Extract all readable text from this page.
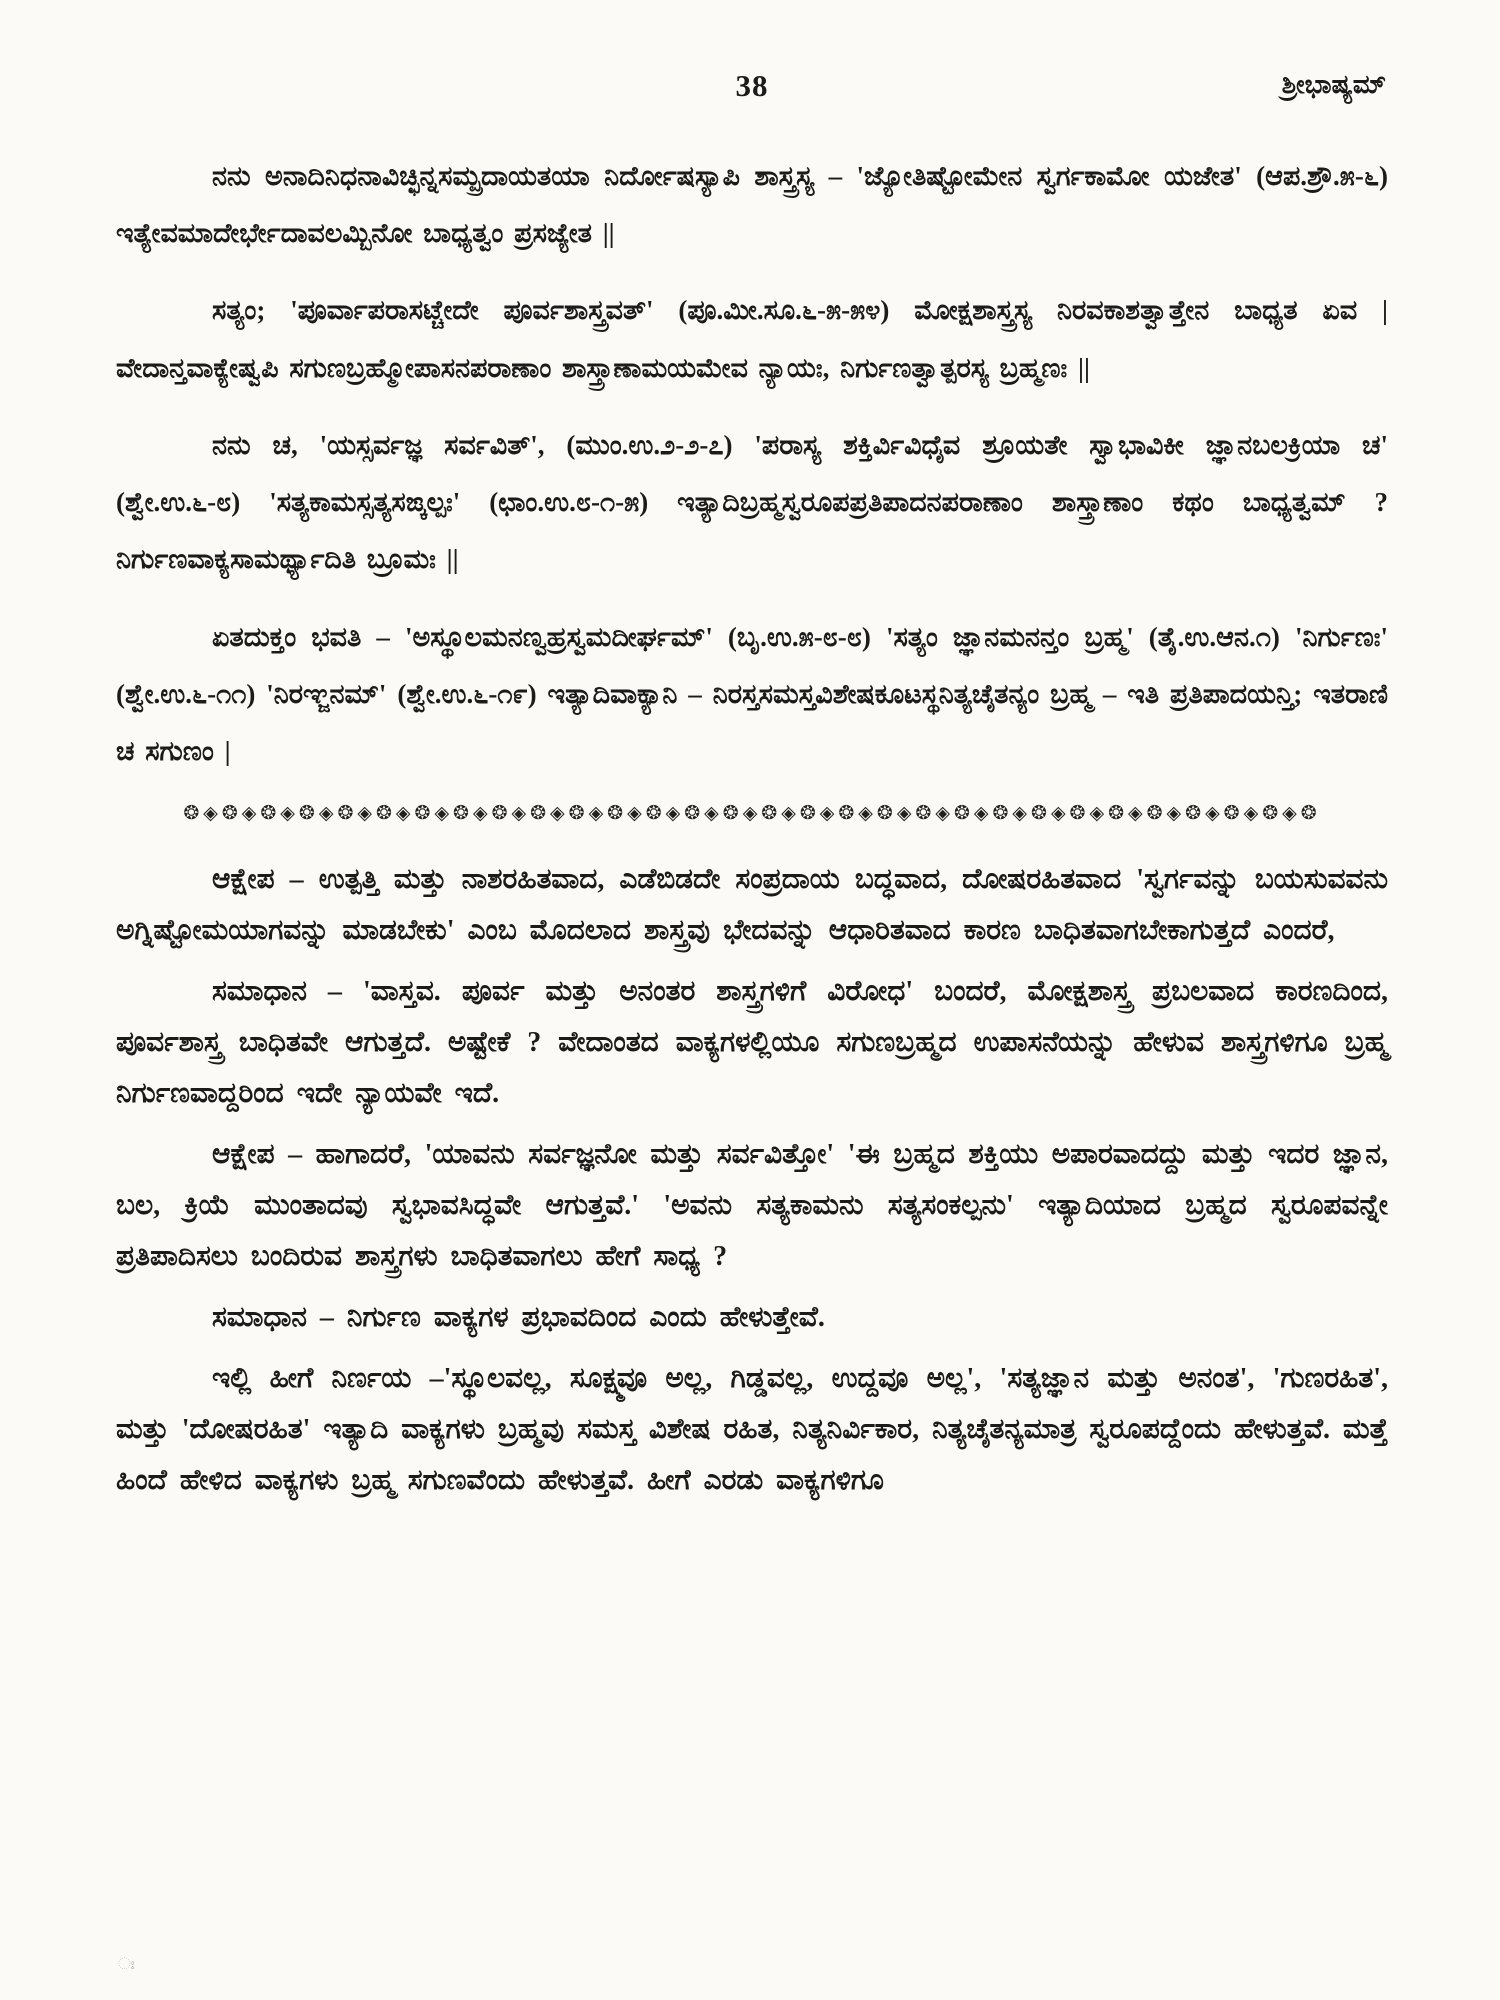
38	ಶ್ರೀಭಾಷ್ಯಮ್

ನನು ಅನಾದಿನಿಧನಾವಿಚ್ಛಿನ್ನಸಮ್ಪ್ರದಾಯತಯಾ ನಿರ್ದೋಷಸ್ಯಾಪಿ ಶಾಸ್ತ್ರಸ್ಯ – 'ಜ್ಯೋತಿಷ್ಟೋಮೇನ ಸ್ವರ್ಗಕಾಮೋ ಯಜೇತ' (ಆಪ.ಶ್ರೌ.೫-೬) ಇತ್ಯೇವಮಾದೇರ್ಭೇದಾವಲಮ್ಬಿನೋ ಬಾಧ್ಯತ್ವಂ ಪ್ರಸಜ್ಯೇತ ||

ಸತ್ಯಂ; 'ಪೂರ್ವಾಪರಾಸಟ್ಚೇದೇ ಪೂರ್ವಶಾಸ್ತ್ರವತ್' (ಪೂ.ಮೀ.ಸೂ.೬-೫-೫೪) ಮೋಕ್ಷಶಾಸ್ತ್ರಸ್ಯ ನಿರವಕಾಶತ್ವಾತ್ತೇನ ಬಾಧ್ಯತ ಏವ | ವೇದಾನ್ತವಾಕ್ಯೇಷ್ವಪಿ ಸಗುಣಬ್ರಹ್ಮೋಪಾಸನಪರಾಣಾಂ ಶಾಸ್ತ್ರಾಣಾಮಯಮೇವ ನ್ಯಾಯಃ, ನಿರ್ಗುಣತ್ವಾತ್ಪರಸ್ಯ ಬ್ರಹ್ಮಣಃ ||

ನನು ಚ, 'ಯಸ್ಸರ್ವಜ್ಞ ಸರ್ವವಿತ್', (ಮುಂ.ಉ.೨-೨-೭) 'ಪರಾಸ್ಯ ಶಕ್ತಿರ್ವಿವಿಧೈವ ಶ್ರೂಯತೇ ಸ್ವಾಭಾವಿಕೀ ಜ್ಞಾನಬಲಕ್ರಿಯಾ ಚ' (ಶ್ವೇ.ಉ.೬-೮) 'ಸತ್ಯಕಾಮಸ್ಸತ್ಯಸಙ್ಕಲ್ಪಃ' (ಛಾಂ.ಉ.೮-೧-೫) ಇತ್ಯಾದಿಬ್ರಹ್ಮಸ್ವರೂಪಪ್ರತಿಪಾದನಪರಾಣಾಂ ಶಾಸ್ತ್ರಾಣಾಂ ಕಥಂ ಬಾಧ್ಯತ್ವಮ್ ? ನಿರ್ಗುಣವಾಕ್ಯಸಾಮರ್ಥ್ಯಾದಿತಿ ಬ್ರೂಮಃ ||

ಏತದುಕ್ತಂ ಭವತಿ – 'ಅಸ್ಥೂಲಮನಣ್ವಹ್ರಸ್ವಮದೀರ್ಘಮ್' (ಬೃ.ಉ.೫-೮-೮) 'ಸತ್ಯಂ ಜ್ಞಾನಮನನ್ತಂ ಬ್ರಹ್ಮ' (ತೈ.ಉ.ಆನ.೧) 'ನಿರ್ಗುಣಃ' (ಶ್ವೇ.ಉ.೬-೧೧) 'ನಿರಞ್ಜನಮ್' (ಶ್ವೇ.ಉ.೬-೧೯) ಇತ್ಯಾದಿವಾಕ್ಯಾನಿ – ನಿರಸ್ತಸಮಸ್ತವಿಶೇಷಕೂಟಸ್ಥನಿತ್ಯಚೈತನ್ಯಂ ಬ್ರಹ್ಮ – ಇತಿ ಪ್ರತಿಪಾದಯನ್ತಿ; ಇತರಾಣಿ ಚ ಸಗುಣಂ |

❂◈❂◈❂◈❂◈❂◈❂◈❂◈❂◈❂◈❂◈❂◈❂◈❂◈❂◈❂◈❂◈❂◈❂◈❂◈❂◈❂◈❂◈❂◈❂◈❂◈❂◈❂◈❂◈❂◈❂

ಆಕ್ಷೇಪ – ಉತ್ಪತ್ತಿ ಮತ್ತು ನಾಶರಹಿತವಾದ, ಎಡೆಬಿಡದೇ ಸಂಪ್ರದಾಯ ಬದ್ಧವಾದ, ದೋಷರಹಿತವಾದ 'ಸ್ವರ್ಗವನ್ನು ಬಯಸುವವನು ಅಗ್ನಿಷ್ಟೋಮಯಾಗವನ್ನು ಮಾಡಬೇಕು' ಎಂಬ ಮೊದಲಾದ ಶಾಸ್ತ್ರವು ಭೇದವನ್ನು ಆಧಾರಿತವಾದ ಕಾರಣ ಬಾಧಿತವಾಗಬೇಕಾಗುತ್ತದೆ ಎಂದರೆ,

ಸಮಾಧಾನ – 'ವಾಸ್ತವ. ಪೂರ್ವ ಮತ್ತು ಅನಂತರ ಶಾಸ್ತ್ರಗಳಿಗೆ ವಿರೋಧ' ಬಂದರೆ, ಮೋಕ್ಷಶಾಸ್ತ್ರ ಪ್ರಬಲವಾದ ಕಾರಣದಿಂದ, ಪೂರ್ವಶಾಸ್ತ್ರ ಬಾಧಿತವೇ ಆಗುತ್ತದೆ. ಅಷ್ಟೇಕೆ ? ವೇದಾಂತದ ವಾಕ್ಯಗಳಲ್ಲಿಯೂ ಸಗುಣಬ್ರಹ್ಮದ ಉಪಾಸನೆಯನ್ನು ಹೇಳುವ ಶಾಸ್ತ್ರಗಳಿಗೂ ಬ್ರಹ್ಮ ನಿರ್ಗುಣವಾದ್ದರಿಂದ ಇದೇ ನ್ಯಾಯವೇ ಇದೆ.

ಆಕ್ಷೇಪ – ಹಾಗಾದರೆ, 'ಯಾವನು ಸರ್ವಜ್ಞನೋ ಮತ್ತು ಸರ್ವವಿತ್ತೋ' 'ಈ ಬ್ರಹ್ಮದ ಶಕ್ತಿಯು ಅಪಾರವಾದದ್ದು ಮತ್ತು ಇದರ ಜ್ಞಾನ, ಬಲ, ಕ್ರಿಯೆ ಮುಂತಾದವು ಸ್ವಭಾವಸಿದ್ಧವೇ ಆಗುತ್ತವೆ.' 'ಅವನು ಸತ್ಯಕಾಮನು ಸತ್ಯಸಂಕಲ್ಪನು' ಇತ್ಯಾದಿಯಾದ ಬ್ರಹ್ಮದ ಸ್ವರೂಪವನ್ನೇ ಪ್ರತಿಪಾದಿಸಲು ಬಂದಿರುವ ಶಾಸ್ತ್ರಗಳು ಬಾಧಿತವಾಗಲು ಹೇಗೆ ಸಾಧ್ಯ ?

ಸಮಾಧಾನ – ನಿರ್ಗುಣ ವಾಕ್ಯಗಳ ಪ್ರಭಾವದಿಂದ ಎಂದು ಹೇಳುತ್ತೇವೆ.

ಇಲ್ಲಿ ಹೀಗೆ ನಿರ್ಣಯ –'ಸ್ಥೂಲವಲ್ಲ, ಸೂಕ್ಷ್ಮವೂ ಅಲ್ಲ, ಗಿಡ್ಡವಲ್ಲ, ಉದ್ದವೂ ಅಲ್ಲ', 'ಸತ್ಯಜ್ಞಾನ ಮತ್ತು ಅನಂತ', 'ಗುಣರಹಿತ', ಮತ್ತು 'ದೋಷರಹಿತ' ಇತ್ಯಾದಿ ವಾಕ್ಯಗಳು ಬ್ರಹ್ಮವು ಸಮಸ್ತ ವಿಶೇಷ ರಹಿತ, ನಿತ್ಯನಿರ್ವಿಕಾರ, ನಿತ್ಯಚೈತನ್ಯಮಾತ್ರ ಸ್ವರೂಪದ್ದೆಂದು ಹೇಳುತ್ತವೆ. ಮತ್ತೆ ಹಿಂದೆ ಹೇಳಿದ ವಾಕ್ಯಗಳು ಬ್ರಹ್ಮ ಸಗುಣವೆಂದು ಹೇಳುತ್ತವೆ. ಹೀಗೆ ಎರಡು ವಾಕ್ಯಗಳಿಗೂ

ಃ
